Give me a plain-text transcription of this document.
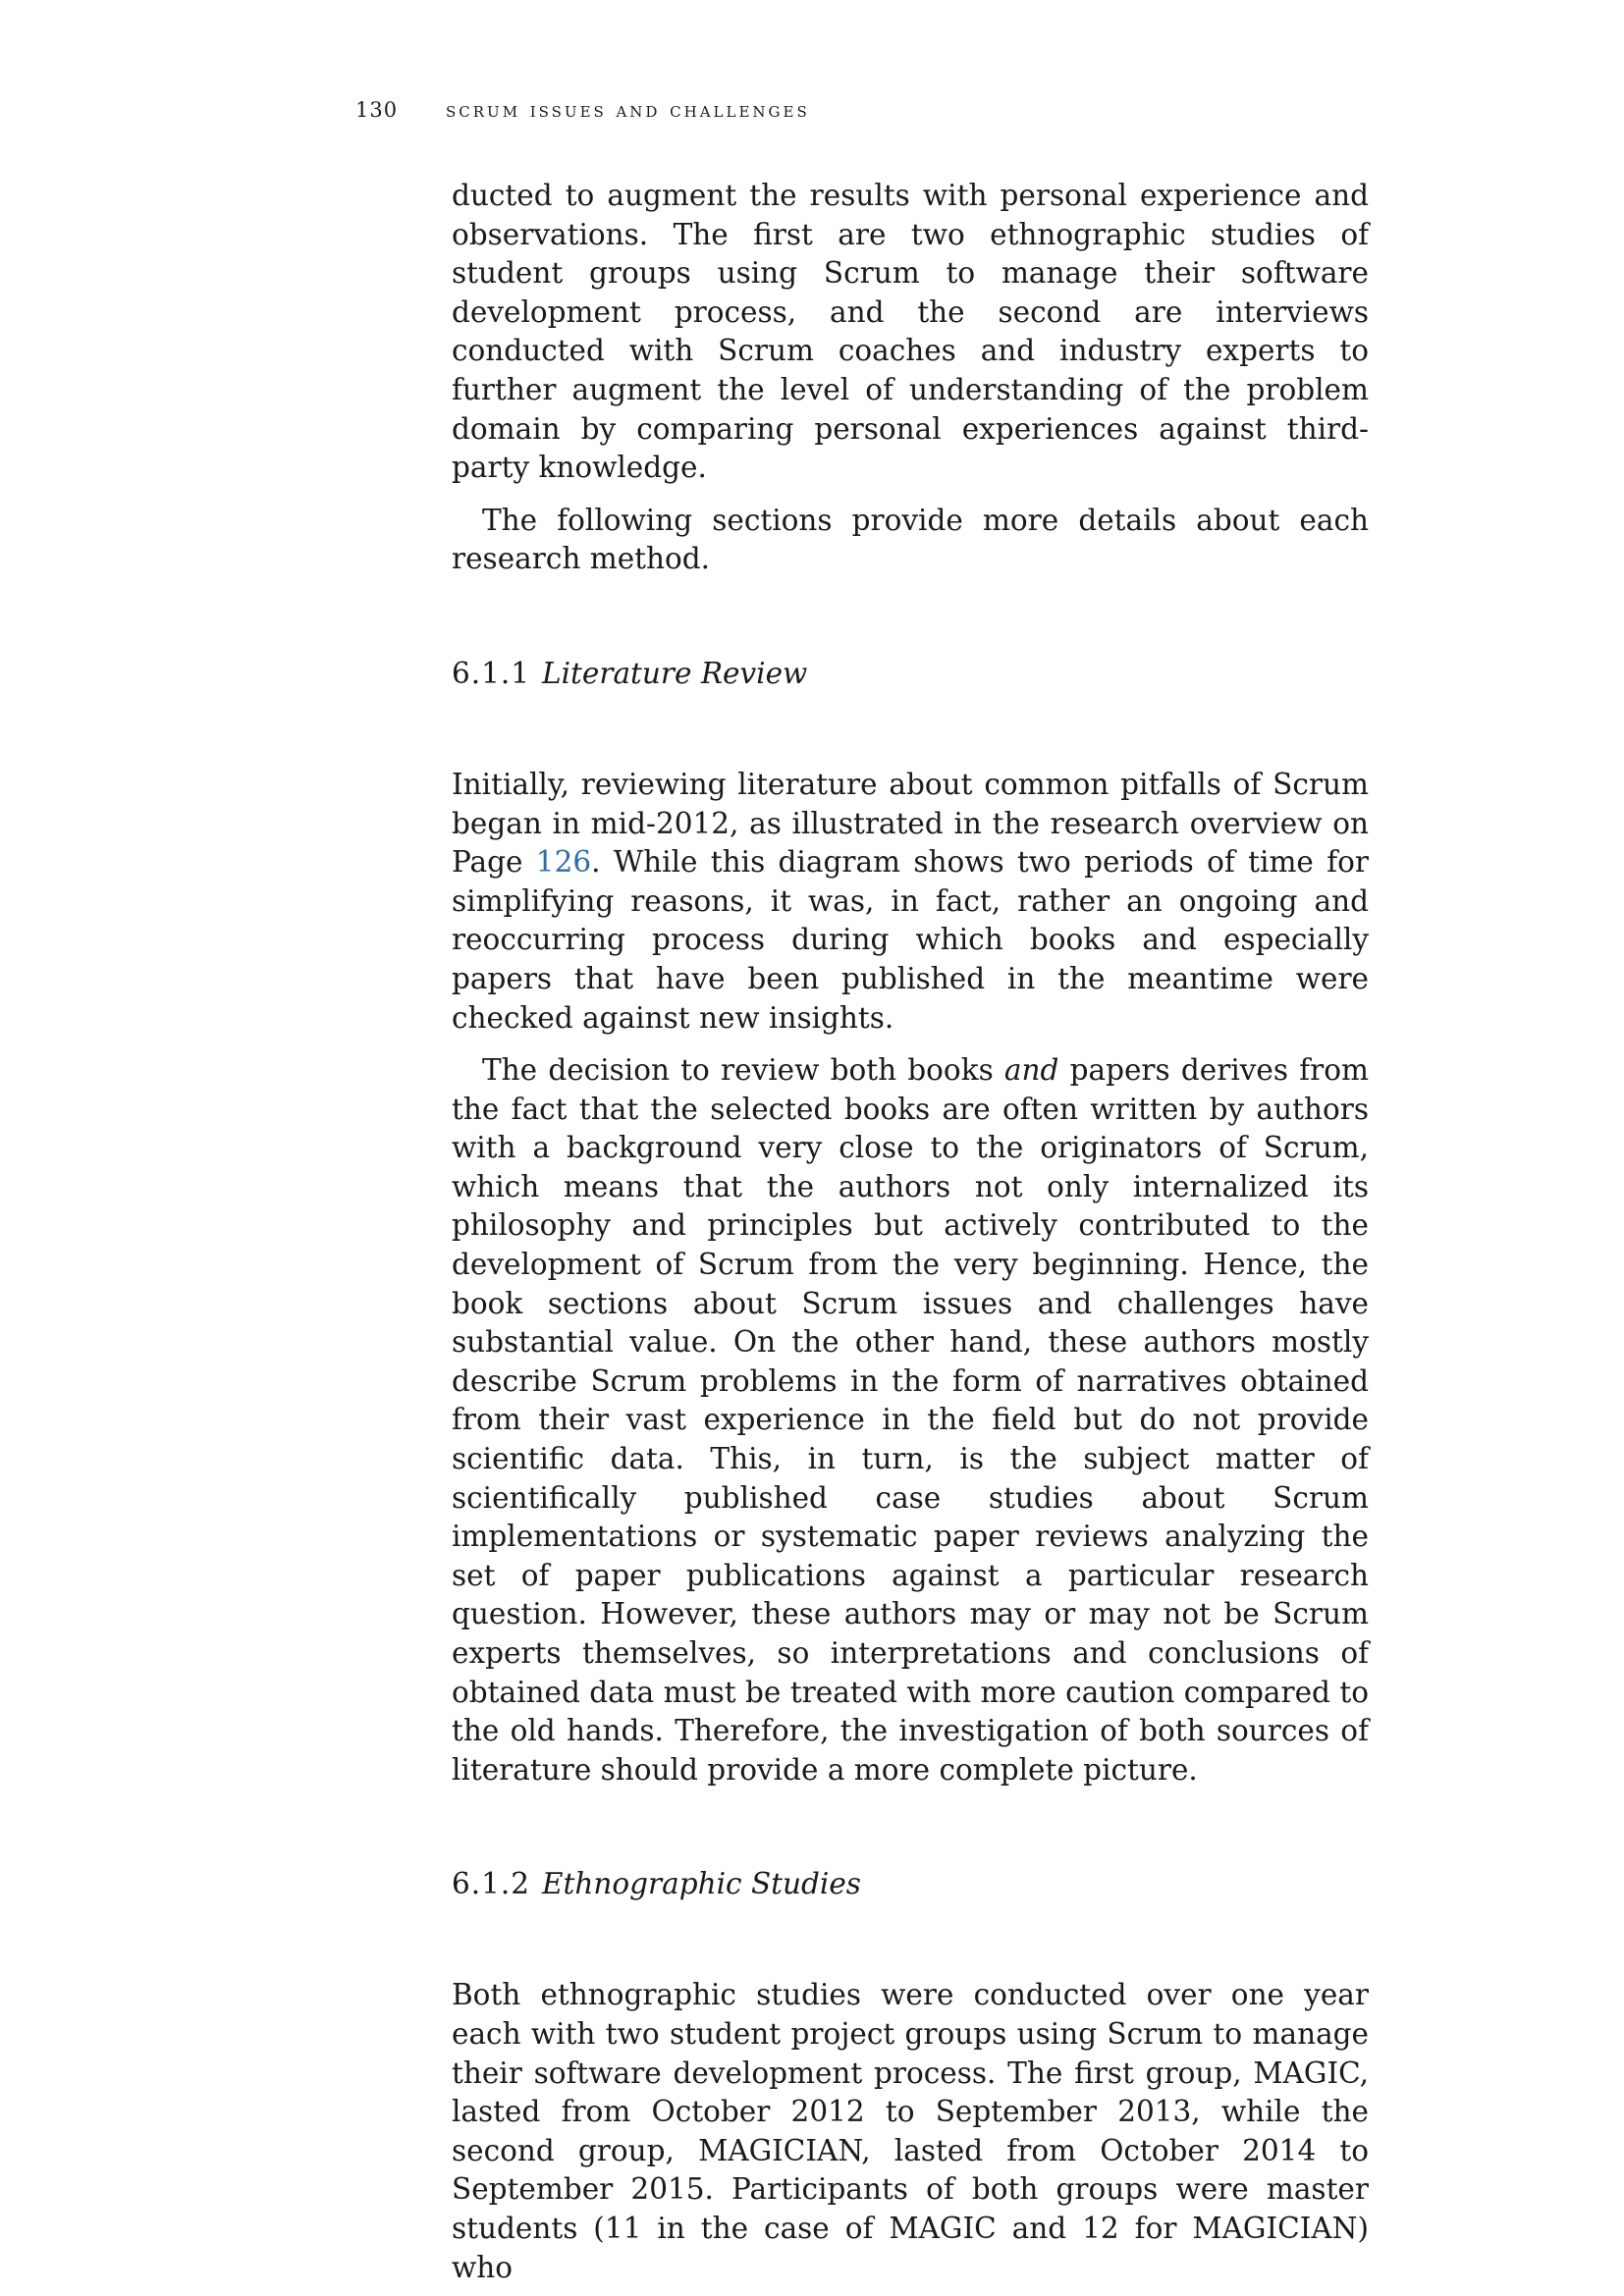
130	scrum issues and challenges

ducted to augment the results with personal experience and observations. The first are two ethnographic studies of student groups using Scrum to manage their software development process, and the second are interviews conducted with Scrum coaches and industry experts to further augment the level of understanding of the problem domain by comparing personal experiences against third-party knowledge.

The following sections provide more details about each research method.

6.1.1 Literature Review

Initially, reviewing literature about common pitfalls of Scrum began in mid-2012, as illustrated in the research overview on Page 126. While this diagram shows two periods of time for simplifying reasons, it was, in fact, rather an ongoing and reoccurring process during which books and especially papers that have been published in the meantime were checked against new insights.

The decision to review both books and papers derives from the fact that the selected books are often written by authors with a background very close to the originators of Scrum, which means that the authors not only internalized its philosophy and principles but actively contributed to the development of Scrum from the very beginning. Hence, the book sections about Scrum issues and challenges have substantial value. On the other hand, these authors mostly describe Scrum problems in the form of narratives obtained from their vast experience in the field but do not provide scientific data. This, in turn, is the subject matter of scientifically published case studies about Scrum implementations or systematic paper reviews analyzing the set of paper publications against a particular research question. However, these authors may or may not be Scrum experts themselves, so interpretations and conclusions of obtained data must be treated with more caution compared to the old hands. Therefore, the investigation of both sources of literature should provide a more complete picture.

6.1.2 Ethnographic Studies

Both ethnographic studies were conducted over one year each with two student project groups using Scrum to manage their software development process. The first group, MAGIC, lasted from October 2012 to September 2013, while the second group, MAGICIAN, lasted from October 2014 to September 2015. Participants of both groups were master students (11 in the case of MAGIC and 12 for MAGICIAN) who
